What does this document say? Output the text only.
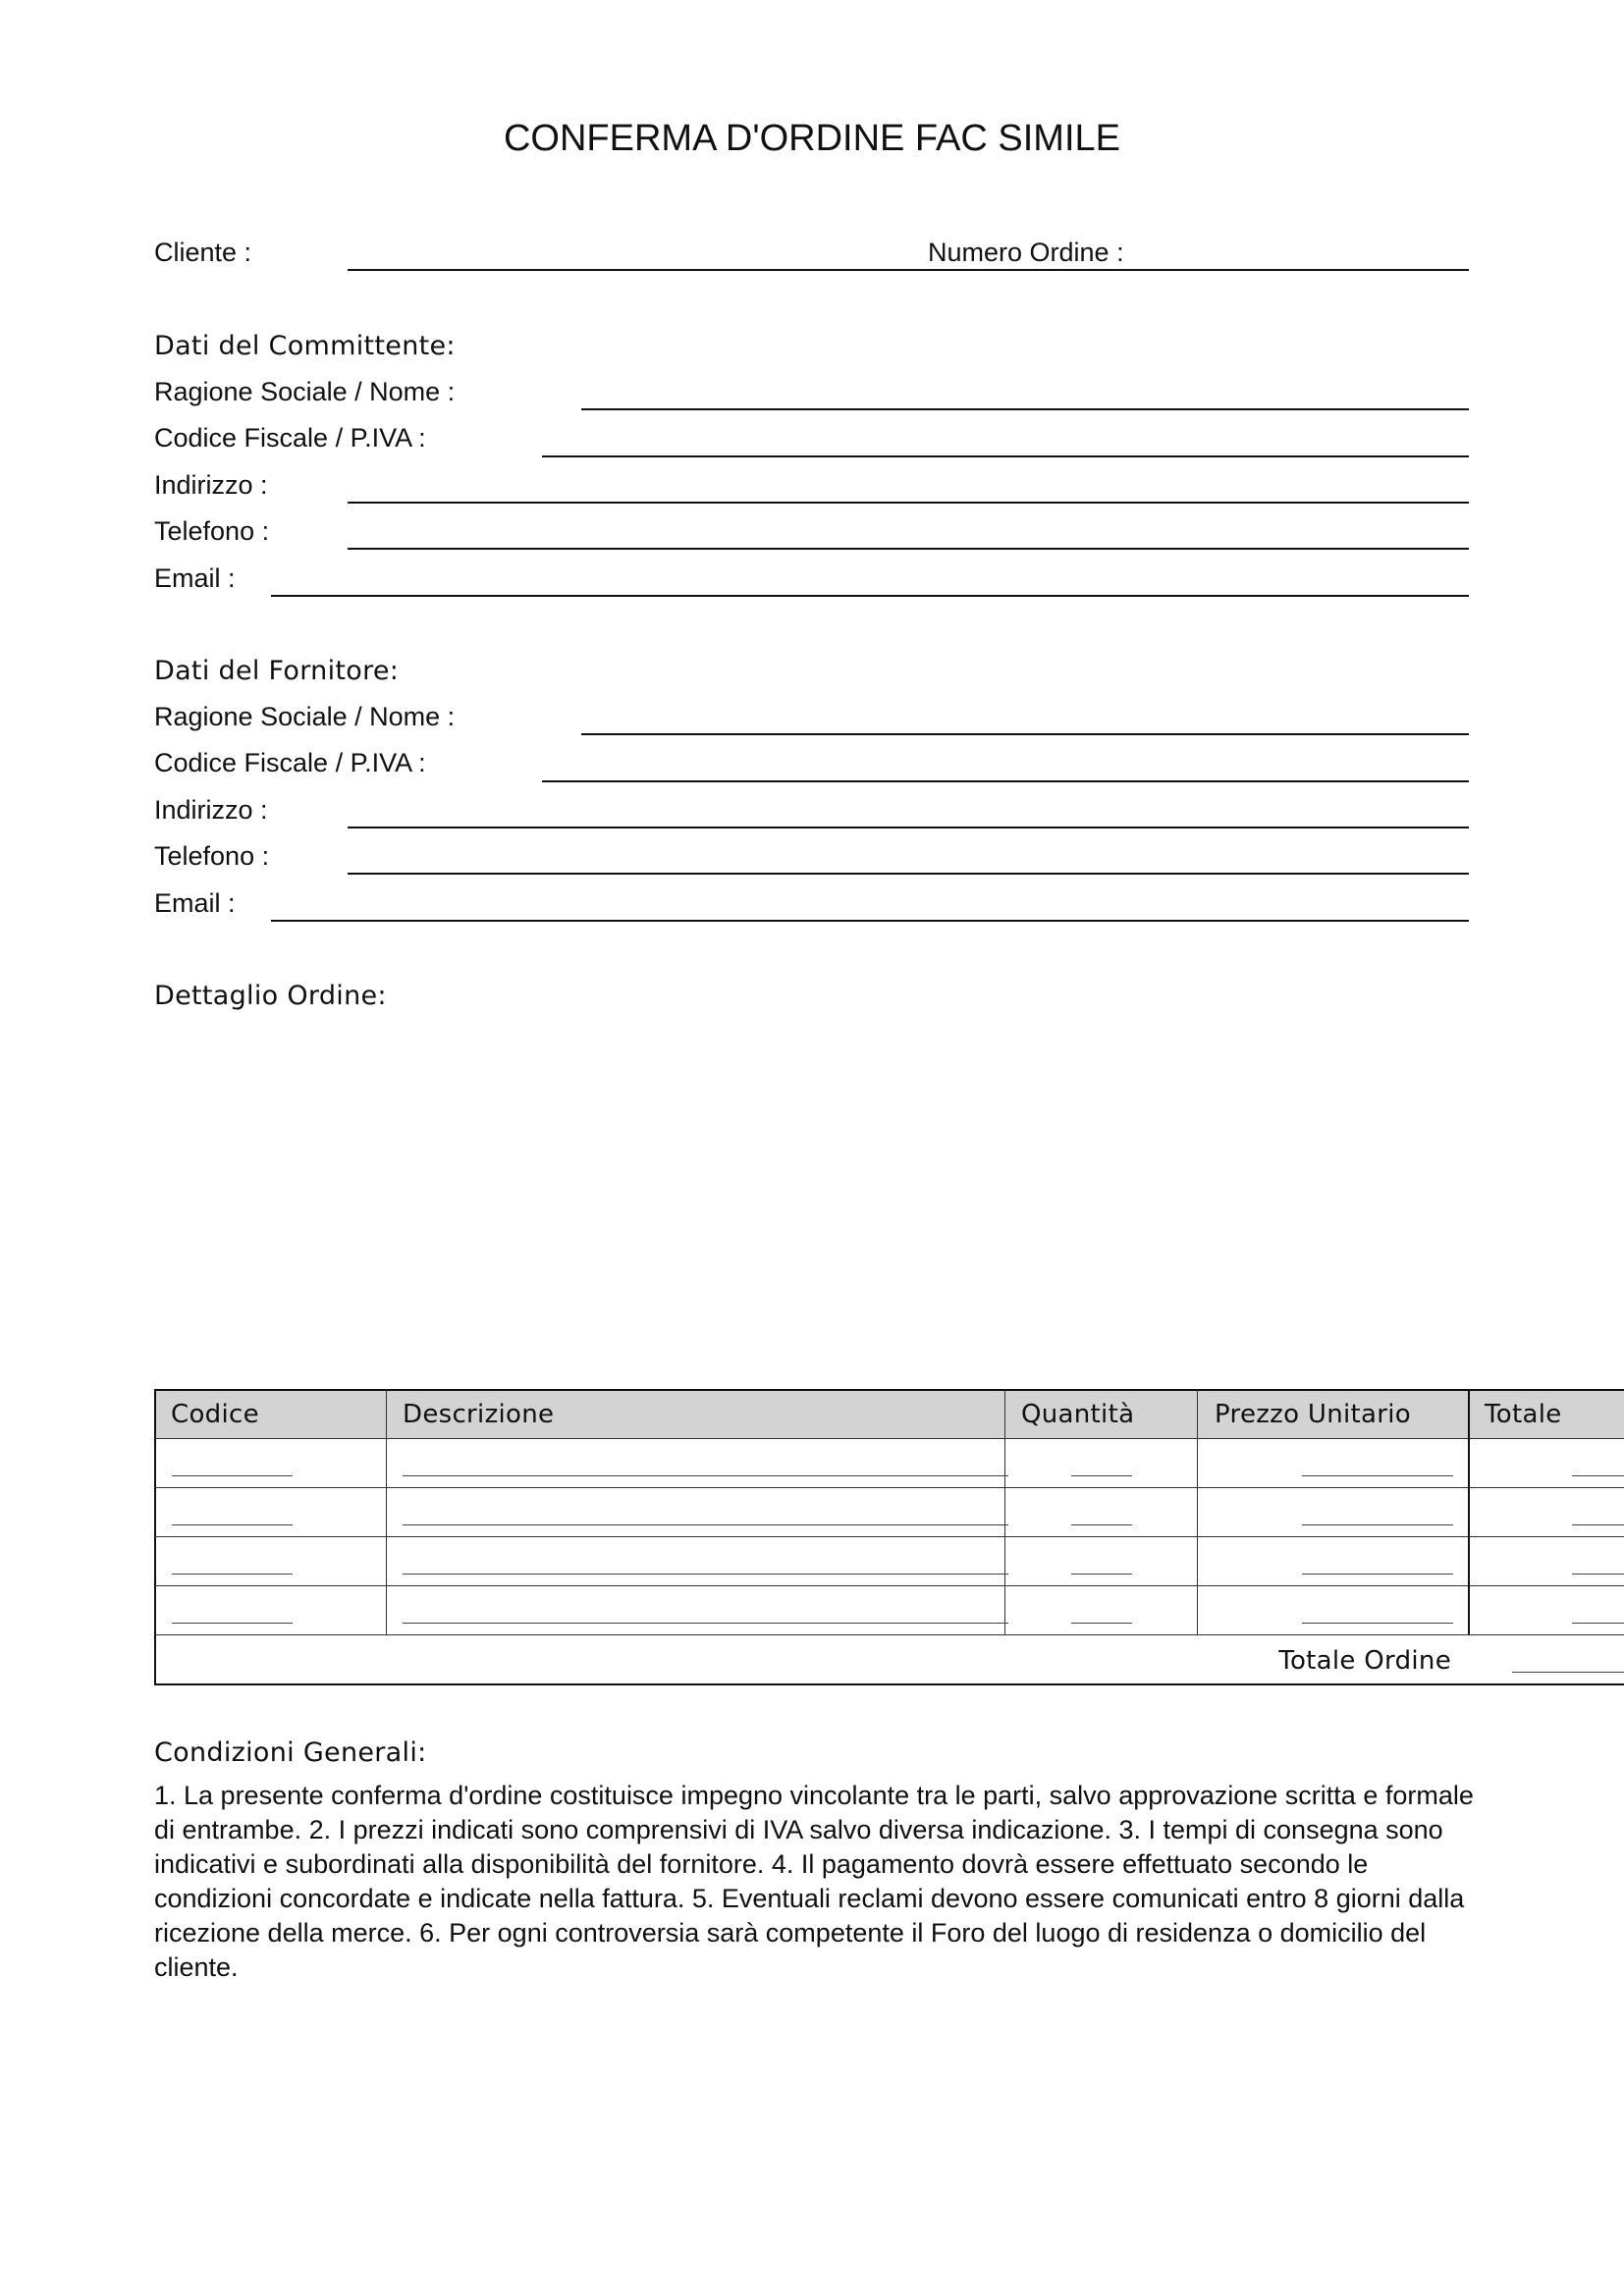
CONFERMA D'ORDINE FAC SIMILE
Cliente :	Numero Ordine :
Dati del Committente:
Ragione Sociale / Nome :
Codice Fiscale / P.IVA :
Indirizzo :
Telefono :
Email :
Dati del Fornitore:
Ragione Sociale / Nome :
Codice Fiscale / P.IVA :
Indirizzo :
Telefono :
Email :
Dettaglio Ordine:
Codice	Descrizione	Quantità	Prezzo Unitario	Totale
Totale Ordine
Condizioni Generali:
1. La presente conferma d'ordine costituisce impegno vincolante tra le parti, salvo approvazione scritta e formale di entrambe. 2. I prezzi indicati sono comprensivi di IVA salvo diversa indicazione. 3. I tempi di consegna sono indicativi e subordinati alla disponibilità del fornitore. 4. Il pagamento dovrà essere effettuato secondo le condizioni concordate e indicate nella fattura. 5. Eventuali reclami devono essere comunicati entro 8 giorni dalla ricezione della merce. 6. Per ogni controversia sarà competente il Foro del luogo di residenza o domicilio del cliente.
